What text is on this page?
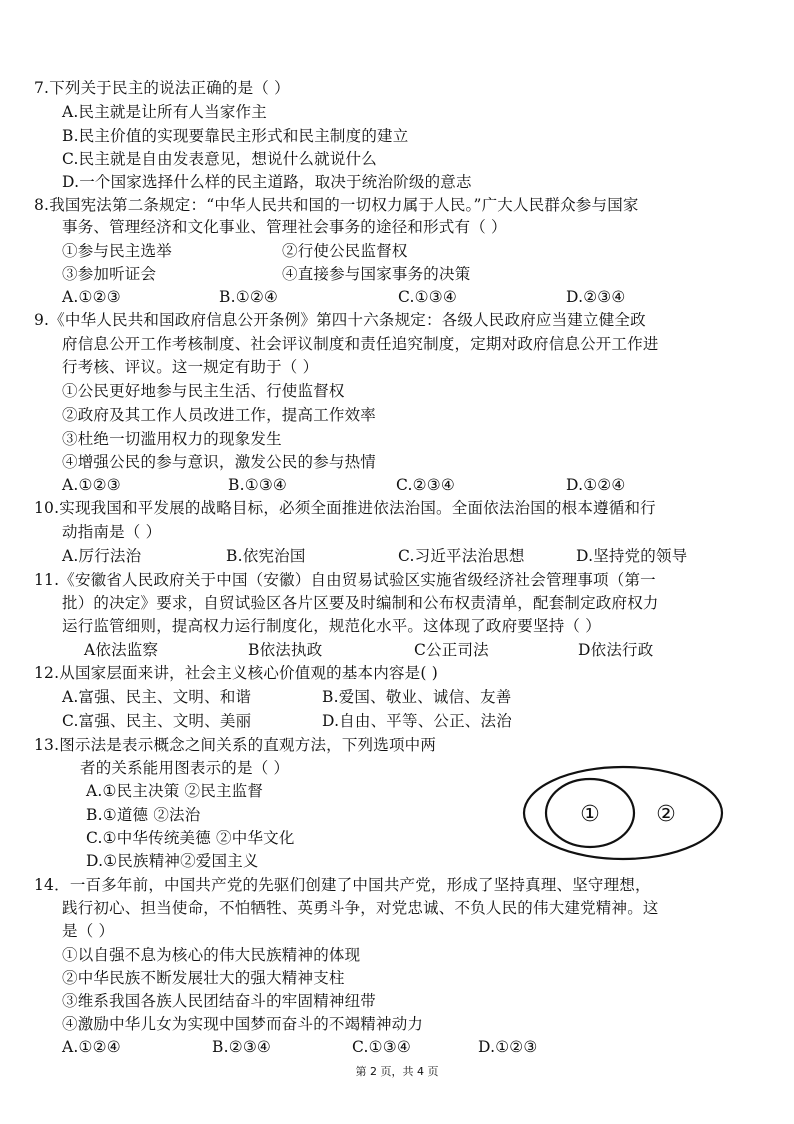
7.下列关于民主的说法正确的是（ ）
A.民主就是让所有人当家作主
B.民主价值的实现要靠民主形式和民主制度的建立
C.民主就是自由发表意见，想说什么就说什么
D.一个国家选择什么样的民主道路，取决于统治阶级的意志
8.我国宪法第二条规定：“中华人民共和国的一切权力属于人民。”广大人民群众参与国家
事务、管理经济和文化事业、管理社会事务的途径和形式有（ ）
①参与民主选举	②行使公民监督权
③参加听证会	④直接参与国家事务的决策
A.①②③	B.①②④	C.①③④	D.②③④
9.《中华人民共和国政府信息公开条例》第四十六条规定：各级人民政府应当建立健全政
府信息公开工作考核制度、社会评议制度和责任追究制度，定期对政府信息公开工作进
行考核、评议。这一规定有助于（ ）
①公民更好地参与民主生活、行使监督权
②政府及其工作人员改进工作，提高工作效率
③杜绝一切滥用权力的现象发生
④增强公民的参与意识，激发公民的参与热情
A.①②③	B.①③④	C.②③④	D.①②④
10.实现我国和平发展的战略目标，必须全面推进依法治国。全面依法治国的根本遵循和行
动指南是（ ）
A.厉行法治	B.依宪治国	C.习近平法治思想	D.坚持党的领导
11.《安徽省人民政府关于中国（安徽）自由贸易试验区实施省级经济社会管理事项（第一
批）的决定》要求，自贸试验区各片区要及时编制和公布权责清单，配套制定政府权力
运行监管细则，提高权力运行制度化，规范化水平。这体现了政府要坚持（ ）
A依法监察	B依法执政	C公正司法	D依法行政
12.从国家层面来讲，社会主义核心价值观的基本内容是( )
A.富强、民主、文明、和谐	B.爱国、敬业、诚信、友善
C.富强、民主、文明、美丽	D.自由、平等、公正、法治
13.图示法是表示概念之间关系的直观方法，下列选项中两
者的关系能用图表示的是（ ）
A.①民主决策 ②民主监督
B.①道德 ②法治
C.①中华传统美德 ②中华文化
D.①民族精神②爱国主义
①	②
14．一百多年前，中国共产党的先驱们创建了中国共产党，形成了坚持真理、坚守理想，
践行初心、担当使命，不怕牺牲、英勇斗争，对党忠诚、不负人民的伟大建党精神。这
是（ ）
①以自强不息为核心的伟大民族精神的体现
②中华民族不断发展壮大的强大精神支柱
③维系我国各族人民团结奋斗的牢固精神纽带
④激励中华儿女为实现中国梦而奋斗的不竭精神动力
A.①②④	B.②③④	C.①③④	D.①②③
第 2 页，共 4 页
